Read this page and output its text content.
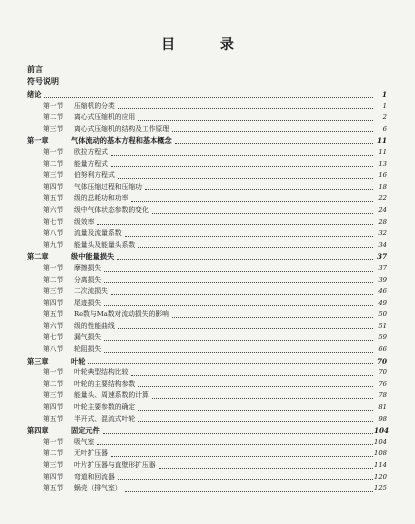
目 录
前言
符号说明
绪论	1
第一节 压缩机的分类	1
第二节 离心式压缩机的应用	2
第三节 离心式压缩机的结构及工作原理	6
第一章	气体流动的基本方程和基本概念	11
第一节 欧拉方程式	11
第二节 能量方程式	13
第三节 伯努利方程式	16
第四节 气体压缩过程和压缩功	18
第五节 级的总耗功和功率	22
第六节 级中气体状态参数的变化	24
第七节 级效率	28
第八节 流量及流量系数	32
第九节 能量头及能量头系数	34
第二章	级中能量损失	37
第一节 摩擦损失	37
第二节 分离损失	39
第三节 二次流损失	46
第四节 尾迹损失	49
第五节 Re数与Ma数对流动损失的影响	50
第六节 级的性能曲线	51
第七节 漏气损失	59
第八节 轮阻损失	66
第三章	叶轮	70
第一节 叶轮典型结构比较	70
第二节 叶轮的主要结构参数	76
第三节 能量头、周速系数的计算	78
第四节 叶轮主要参数的确定	81
第五节 半开式、混流式叶轮	98
第四章	固定元件	104
第一节 吸气室	104
第二节 无叶扩压器	108
第三节 叶片扩压器与直壁形扩压器	114
第四节 弯道和回流器	120
第五节 蜗壳（排气室）	125
